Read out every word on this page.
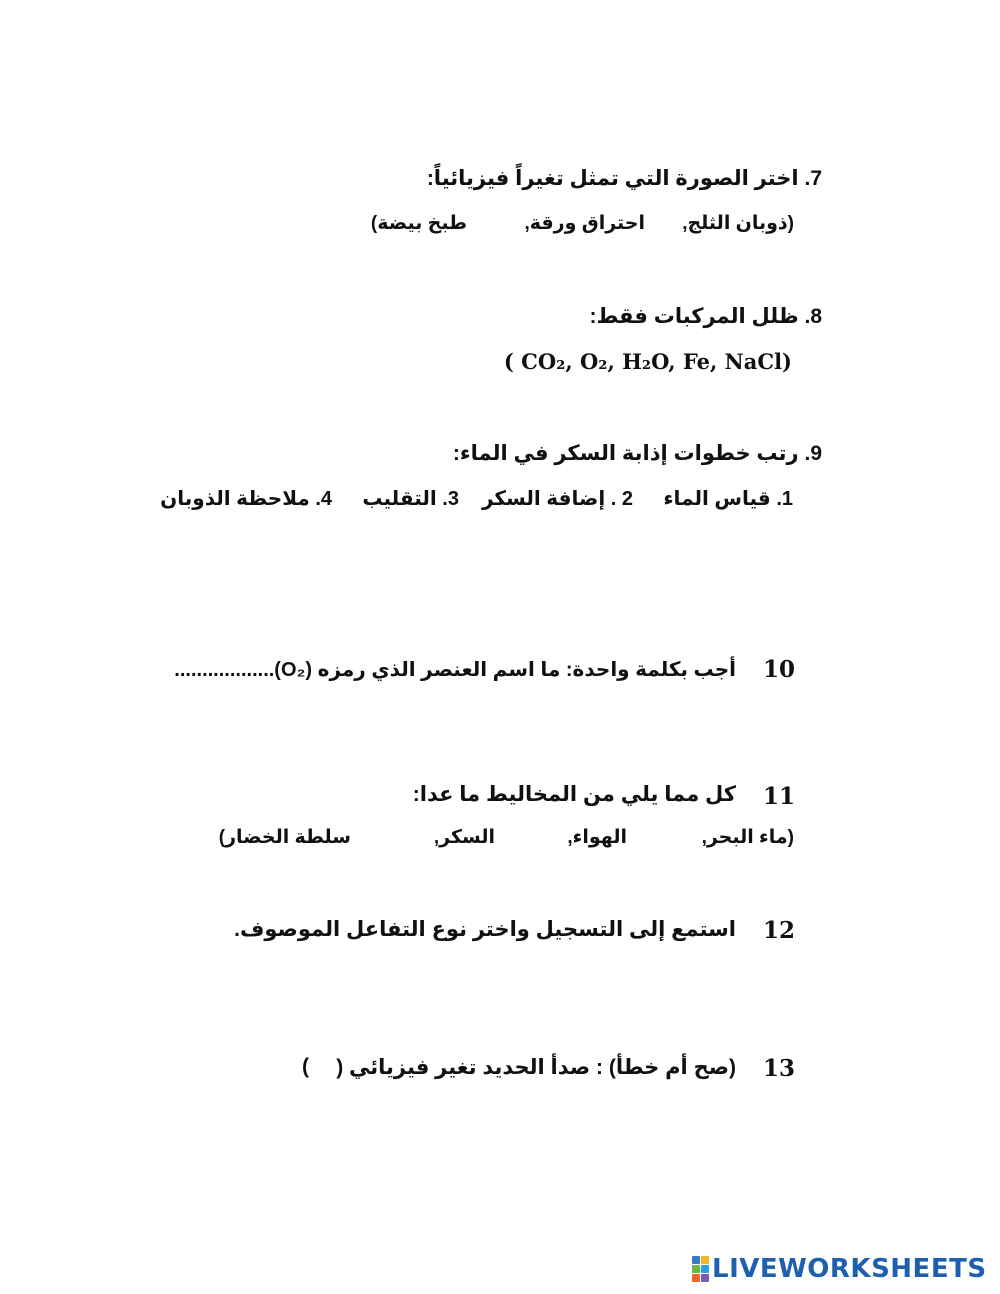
7. اختر الصورة التي تمثل تغيراً فيزيائياً:
(ذوبان الثلج,
احتراق ورقة,
طبخ بيضة)
8. ظلل المركبات فقط:
( CO₂, O₂, H₂O, Fe, NaCl)
9. رتب خطوات إذابة السكر في الماء:
1. قياس الماء
2 . إضافة السكر
3. التقليب
4. ملاحظة الذوبان
10
أجب بكلمة واحدة: ما اسم العنصر الذي رمزه (O₂)..................
11
كل مما يلي من المخاليط ما عدا:
(ماء البحر,
الهواء,
السكر,
سلطة الخضار)
12
استمع إلى التسجيل واختر نوع التفاعل الموصوف.
13
(صح أم خطأ) : صدأ الحديد تغير فيزيائي (
)
LIVEWORKSHEETS
